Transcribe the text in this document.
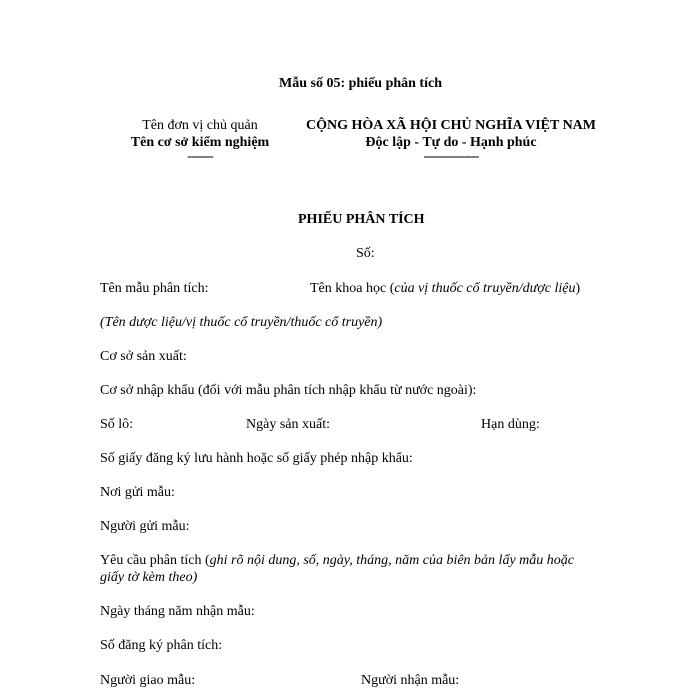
Mẫu số 05: phiếu phân tích
Tên đơn vị chủ quản
Tên cơ sở kiểm nghiệm
-------
CỘNG HÒA XÃ HỘI CHỦ NGHĨA VIỆT NAM
Độc lập - Tự do - Hạnh phúc
---------------
PHIẾU PHÂN TÍCH
Số:
Tên mẫu phân tích:	Tên khoa học (của vị thuốc cổ truyền/dược liệu)
(Tên dược liệu/vị thuốc cổ truyền/thuốc cổ truyền)
Cơ sở sản xuất:
Cơ sở nhập khẩu (đối với mẫu phân tích nhập khẩu từ nước ngoài):
Số lô:	Ngày sản xuất:	Hạn dùng:
Số giấy đăng ký lưu hành hoặc số giấy phép nhập khẩu:
Nơi gửi mẫu:
Người gửi mẫu:
Yêu cầu phân tích (ghi rõ nội dung, số, ngày, tháng, năm của biên bản lấy mẫu hoặc
giấy tờ kèm theo)
Ngày tháng năm nhận mẫu:
Số đăng ký phân tích:
Người giao mẫu:	Người nhận mẫu:
